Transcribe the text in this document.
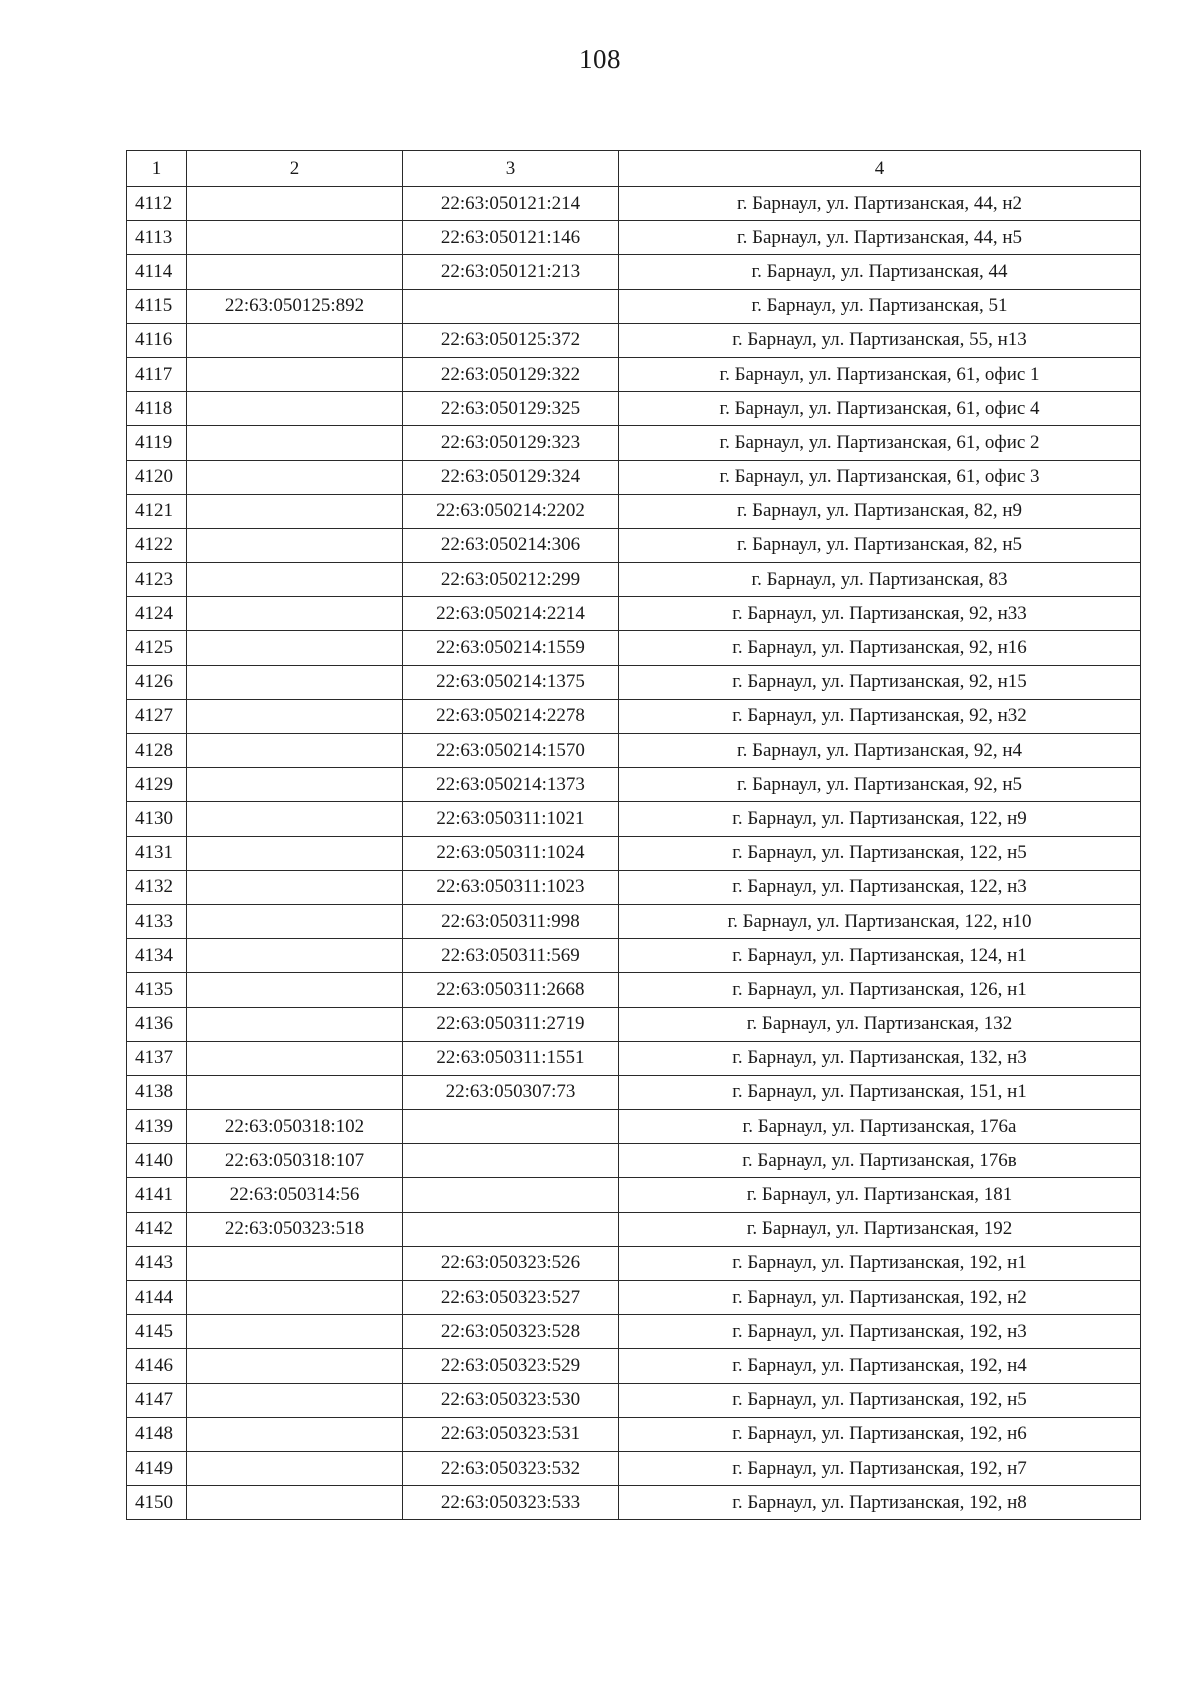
108
1	2	3	4
4112		22:63:050121:214	г. Барнаул, ул. Партизанская, 44, н2
4113		22:63:050121:146	г. Барнаул, ул. Партизанская, 44, н5
4114		22:63:050121:213	г. Барнаул, ул. Партизанская, 44
4115	22:63:050125:892		г. Барнаул, ул. Партизанская, 51
4116		22:63:050125:372	г. Барнаул, ул. Партизанская, 55, н13
4117		22:63:050129:322	г. Барнаул, ул. Партизанская, 61, офис 1
4118		22:63:050129:325	г. Барнаул, ул. Партизанская, 61, офис 4
4119		22:63:050129:323	г. Барнаул, ул. Партизанская, 61, офис 2
4120		22:63:050129:324	г. Барнаул, ул. Партизанская, 61, офис 3
4121		22:63:050214:2202	г. Барнаул, ул. Партизанская, 82, н9
4122		22:63:050214:306	г. Барнаул, ул. Партизанская, 82, н5
4123		22:63:050212:299	г. Барнаул, ул. Партизанская, 83
4124		22:63:050214:2214	г. Барнаул, ул. Партизанская, 92, н33
4125		22:63:050214:1559	г. Барнаул, ул. Партизанская, 92, н16
4126		22:63:050214:1375	г. Барнаул, ул. Партизанская, 92, н15
4127		22:63:050214:2278	г. Барнаул, ул. Партизанская, 92, н32
4128		22:63:050214:1570	г. Барнаул, ул. Партизанская, 92, н4
4129		22:63:050214:1373	г. Барнаул, ул. Партизанская, 92, н5
4130		22:63:050311:1021	г. Барнаул, ул. Партизанская, 122, н9
4131		22:63:050311:1024	г. Барнаул, ул. Партизанская, 122, н5
4132		22:63:050311:1023	г. Барнаул, ул. Партизанская, 122, н3
4133		22:63:050311:998	г. Барнаул, ул. Партизанская, 122, н10
4134		22:63:050311:569	г. Барнаул, ул. Партизанская, 124, н1
4135		22:63:050311:2668	г. Барнаул, ул. Партизанская, 126, н1
4136		22:63:050311:2719	г. Барнаул, ул. Партизанская, 132
4137		22:63:050311:1551	г. Барнаул, ул. Партизанская, 132, н3
4138		22:63:050307:73	г. Барнаул, ул. Партизанская, 151, н1
4139	22:63:050318:102		г. Барнаул, ул. Партизанская, 176а
4140	22:63:050318:107		г. Барнаул, ул. Партизанская, 176в
4141	22:63:050314:56		г. Барнаул, ул. Партизанская, 181
4142	22:63:050323:518		г. Барнаул, ул. Партизанская, 192
4143		22:63:050323:526	г. Барнаул, ул. Партизанская, 192, н1
4144		22:63:050323:527	г. Барнаул, ул. Партизанская, 192, н2
4145		22:63:050323:528	г. Барнаул, ул. Партизанская, 192, н3
4146		22:63:050323:529	г. Барнаул, ул. Партизанская, 192, н4
4147		22:63:050323:530	г. Барнаул, ул. Партизанская, 192, н5
4148		22:63:050323:531	г. Барнаул, ул. Партизанская, 192, н6
4149		22:63:050323:532	г. Барнаул, ул. Партизанская, 192, н7
4150		22:63:050323:533	г. Барнаул, ул. Партизанская, 192, н8
